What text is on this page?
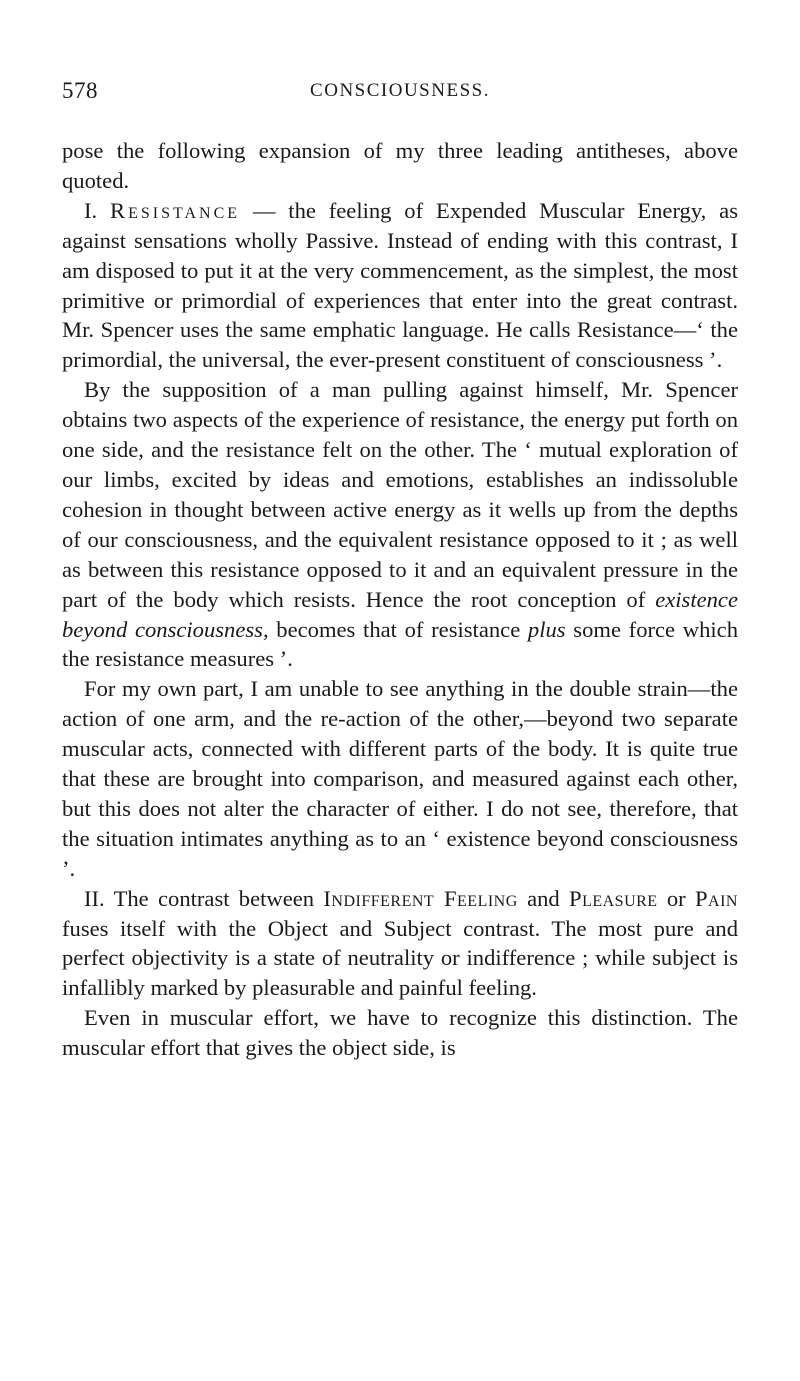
578	CONSCIOUSNESS.

pose the following expansion of my three leading antitheses, above quoted.

I. Resistance — the feeling of Expended Muscular Energy, as against sensations wholly Passive. Instead of ending with this contrast, I am disposed to put it at the very commencement, as the simplest, the most primitive or primordial of experiences that enter into the great contrast. Mr. Spencer uses the same emphatic language. He calls Resistance—‘ the primordial, the universal, the ever-present constituent of consciousness ’.

By the supposition of a man pulling against himself, Mr. Spencer obtains two aspects of the experience of resistance, the energy put forth on one side, and the resistance felt on the other. The ‘ mutual exploration of our limbs, excited by ideas and emotions, establishes an indissoluble cohesion in thought between active energy as it wells up from the depths of our consciousness, and the equivalent resistance opposed to it ; as well as between this resistance opposed to it and an equivalent pressure in the part of the body which resists. Hence the root conception of existence beyond consciousness, becomes that of resistance plus some force which the resistance measures ’.

For my own part, I am unable to see anything in the double strain—the action of one arm, and the re-action of the other,—beyond two separate muscular acts, connected with different parts of the body. It is quite true that these are brought into comparison, and measured against each other, but this does not alter the character of either. I do not see, therefore, that the situation intimates anything as to an ‘ existence beyond consciousness ’.

II. The contrast between Indifferent Feeling and Pleasure or Pain fuses itself with the Object and Subject contrast. The most pure and perfect objectivity is a state of neutrality or indifference ; while subject is infallibly marked by pleasurable and painful feeling.

Even in muscular effort, we have to recognize this distinction. The muscular effort that gives the object side, is
